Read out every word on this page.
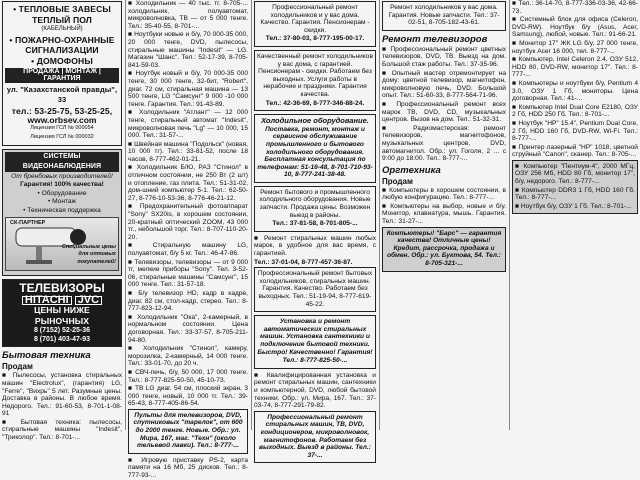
• ТЕПЛОВЫЕ ЗАВЕСЫ

ТЕПЛЫЙ ПОЛ

(КАБЕЛЬНЫЙ)

• ПОЖАРНО-ОХРАННЫЕ СИГНАЛИЗАЦИИ

• ДОМОФОНЫ

ПРОДАЖА | МОНТАЖ | ГАРАНТИЯ

ул. "Казахстанской правды", 33

тел.: 53-25-75, 53-25-25,

www.orbsev.com

Лицензия ГСЛ № 000054

Лицензия ГСЛ № 000032

СИСТЕМЫ ВИДЕОНАБЛЮДЕНИЯ

От бренбовых производителей!

Гарантия! 100% качества!

• Оборудование

• Монтаж

• Техническая поддержка

СК-ПАРТНЕР

Специальные цены для оптовых покупателей!

ТЕЛЕВИЗОРЫ

HITACHI JVC

ЦЕНЫ НИЖЕ

РЫНОЧНЫХ

8 (7152) 52-25-36

8 (701) 403-47-93

Бытовая техника

Продам

■ Пылесосы, установка стиральных машин "Electrolux", (гарантия) LG, "Ferre", "Вихрь" 5 лет. Разумные цены. Доставка в районы. В любое время. Недорого. Тел.: 91-60-53, 8-701-1-08-91

■ Бытовая техника: пылесосы, стиральные машины "Indesit", "Триколор". Тел.: 8-701-...

■ Холодильник — 40 тыс. тг. 8-705-... холодильник, полуавтомат, микроволновка, ТВ — от 5 000 тенге. Тел.: 35-40-55, 8-701-...

■ Ноутбуки новые и б/у, 70 000-35 000, 20 000 тенге, DVD, пылесосы, стиральные машины "Indesit" — LG. Магазин "Шанс". Тел.: 52-17-39, 8-705-841-59-03.

■ Ноутбук новый и б/у, 70 000-35 000 тенге, 30 000 тенге, 32-бит, "Robert", диаг. 72 см, стиральная машина — 13 500 тенге, LG "Самсунг" 9 000 -10 000 тенге. Гарантия. Тел.: 91-43-89.

■ Холодильник "Атлант" — 12 000 тенге, стиральный автомат "Indesit", микроволновая печь "Lg" — 10 000, 15 000. Тел.: 31-57-...

■ Швейная машина "Подольск" (новая, 10 000 тг). Тел.: 33-81-52, после 18 часов, 8-777-462-01-21.

■ Холодильник Б/Ю, РАЗ "Стинол" в отличном состоянии, не 250 Вт (2 шт) и отопление, газ плита. Тел.: 51-31-02, дом-шний компьютер 5-1. Тел.: 62-50-27, 8-776-10-53-36, 8-776-46-21-12.

■ Предохранительный фотоаппарат "Sony" SX20is, в хорошем состоянии, 20-кратный оптический ZOOM, 43 000 тг., небольшой торг. Тел.: 8-707-110-20-20.

■ Стиральную машину LG, полуавтомат, б/у 5 кг. Тел.: 46-47-86.

■ Телевизоры, телевизоры — от 9 000 тг, мелкие приборы "Sony". Тел. 3-52-06, стиральные машины "Самсунг", 15 000 тенге. Тел.: 31-57-18.

■ Б/у телевизор HD, кадр в кадре, диаг. 82 см, стол-кадр, стерео. Тел.: 8-777-823-12-94.

■ Холодильник "Ока", 2-камерный, в нормальном состоянии. Цена договорная. Тел.: 33-37-57, 8-705-211-94-80.

■ Холодильник "Стинол", камеру, морозилка, 2-камерный, 14 000 тенге. Тел.: 33-01-70, до 20 ч.

■ СВЧ-печь, б/у, 50 000, 17 000 тенге. Тел.: 8-777-825-50-50, 45-10-73.

■ ТВ LG диаг. 54 см, плоский экран, 3 000 тенге, новый, 10 000 тг. Тел.: 39-65-43, 8-777-405-86-54.

Пульты для телевизоров, DVD, спутниковых "тарелок", от 600 до 2000 тенге. Новые. Обр.: ул. Мира, 167, маг. "Техн" (около тельевой лавки). Тел.: 8-777-...

■ Игровую приставку PS-2, карта памяти на 16 Мб, 25 дисков. Тел.: 8-777-93-...

Профессиональный ремонт холодильников и у вас дома. Качество. Гарантия. Пенсионерам - скидки.

Тел.: 37-80-03, 8-777-195-00-17.

Качественный ремонт холодильников у вас дома, с гарантией. Пенсионерам - скидки. Работаем без выходных. Услуги работы в нерабочие и праздники. Гарантия качества.

Тел.: 42-36-69, 8-777-346-88-24.

Холодильное оборудование.

Поставка, ремонт, монтаж и сервисное обслуживание промышленного и бытового холодильного оборудования. Бесплатная консультация по телефонам: 51-16-48, 8-701-710-93-10, 8-777-241-38-48.

Ремонт бытового и промышленного холодильного оборудования. Новые запчасти. Продажа цены. Возможен выезд в районы.

Тел.: 37-81-58, 8-701-805-...

■ Ремонт стиральных машин любых марок, в удобное для вас время, с гарантией.

Тел.: 37-01-04, 8-777-457-36-87.

Профессиональный ремонт бытовых холодильников, стиральных машин. Гарантия. Качество. Работаем без выходных. Тел.: 51-19-94, 8-777-619-45-22.

Установка и ремонт автоматических стиральных машин. Установка сантехники и подключение бытовой техники. Быстро! Качественно! Гарантия!

Тел.: 8-777-825-50-...

■ Квалифицированная установка и ремонт стиральных машин, сантехники и компьютерной, DVD, любой бытовой техники. Обр.: ул. Мира, 167. Тел.: 37-03-74, 8-777-291-79-82.

Профессиональный ремонт стиральных машин, ТВ, DVD, кондиционеров, микроволновок, магнитофонов. Работаем без выходных. Выезд в районы. Тел.: 37-...

Ремонт холодильников у вас дома. Гарантия. Новые запчасти. Тел.: 37-02-51, 8-705-182-43-61.

Ремонт телевизоров

■ Профессиональный ремонт цветных телевизоров, DVD, ТВ. Выезд на дом. Большой стаж работы. Тел.: 37-35-96.

■ Опытный мастер отремонтирует на дому: цветной телевизор, магнитофон, микроволновую печь, DVD. Большой опыт. Тел.: 51-60-33, 8-777-564-71-96.

■ Профессиональный ремонт всех марок ТВ, DVD, CD, музыкальных центров. Вызов на дом. Тел.: 51-32-31.

■ Радиомастерская: ремонт телевизоров, магнитофонов, музыкальных центров, DVD, автомагнитол. Обр.: ул. Гоголя, 2 ... с 9:00 до 18:00. Тел.: 8-777-...

Оргтехника

Продам

■ Компьютеры в хорошем состоянии, в любую конфигурацию. Тел.: 8-777-...

■ Компьютеры на выбор, новые и б/у. Монитор, клавиатура, мышь. Гарантия. Тел.: 31-27-...

Компьютеры! "Барс" — гарантия качества! Отличные цены! Кредит, рассрочка, продажа и обмен. Обр.: ул. Буктова, 54. Тел.: 8-705-321-...

■ Тел.: 36-14-70, 8-777-336-03-36, 42-66-73.

■ Системный блок для офиса (Celeron, DVD-RW). Ноутбук б/у (Asus, Acer, Samsung), любой, новые. Тел.: 91-66-21.

■ Монитор 17" ЖК LG б/у, 27 000 тенге, ноутбук Acer 16 000, тел. 8-777-...

■ Компьютер. Intel Celeron 2.4, ОЗУ 512, HDD 80, DVD-RW, монитор 17". Тел.: 8-777-...

■ Компьютеры и ноутбуки б/у, Pentium 4 3.0, ОЗУ 1 Гб, мониторы. Цена договорная. Тел.: 41-...

■ Компьютер Intel Dual Core E2180, ОЗУ 2 Гб, HDD 250 Гб. Тел.: 8-701-...

■ Ноутбук "HP" 15.4", Pentium Dual Core, 2 Гб, HDD 160 Гб, DVD-RW, Wi-Fi. Тел.: 8-777-...

■ Принтер лазерный "HP" 1018, цветной струйный "Canon", сканер. Тел.: 8-705-...

■ Компьютер "Пентиум-4", 2000 МГц, ОЗУ 256 Мб, HDD 80 Гб, монитор 17", б/у, недорого. Тел.: 8-777-...

■ Компьютер DDR3 1 Гб, HDD 160 Гб. Тел.: 8-777-...

■ Ноутбук б/у, ОЗУ 1 Гб. Тел.: 8-701-...
